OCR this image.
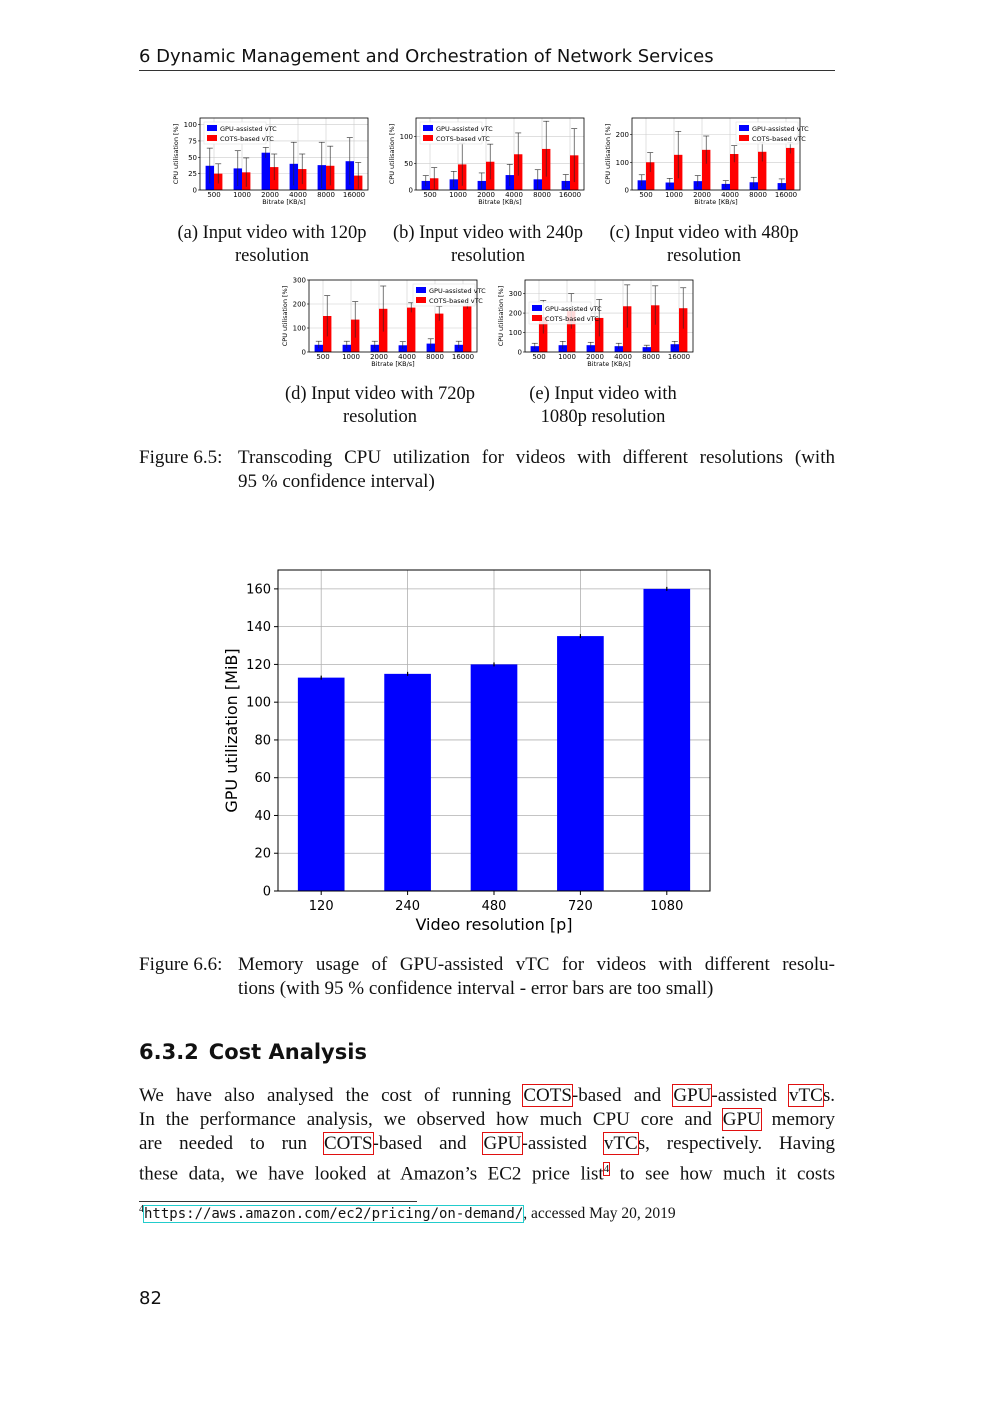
6 Dynamic Management and Orchestration of Network Services
0
25
50
75
100
500 1000 2000 4000 8000 16000
Bitrate [KB/s]
CPU utilisation [%]	GPU-assisted vTC
COTS-based vTC
0
50
100
500 1000 2000 4000 8000 16000
Bitrate [KB/s]
CPU utilisation [%]	GPU-assisted vTC
COTS-based vTC
0
100
200
500 1000 2000 4000 8000 16000
Bitrate [KB/s]
CPU utilisation [%]	GPU-assisted vTC
COTS-based vTC
0
100
200
300
500 1000 2000 4000 8000 16000
Bitrate [KB/s]
CPU utilisation [%]	GPU-assisted vTC
COTS-based vTC
0
100
200
300
500 1000 2000 4000 8000 16000
Bitrate [KB/s]
CPU utilisation [%]	GPU-assisted vTC
COTS-based vTC
(a) Input video with 120p
resolution
(b) Input video with 240p
resolution
(c) Input video with 480p
resolution
(d) Input video with 720p
resolution
(e) Input video with
1080p resolution
Figure 6.5: Transcoding CPU utilization for videos with different resolutions (with
95 % confidence interval)
0
20
40
60
80
100
120
140
160
120	240	480	720	1080
Video resolution [p]
GPU utilization [MiB]
Figure 6.6: Memory usage of GPU-assisted vTC for videos with different resolu-
tions (with 95 % confidence interval - error bars are too small)
6.3.2 Cost Analysis
We have also analysed the cost of running COTS-based and GPU-assisted vTCs.
In the performance analysis, we observed how much CPU core and GPU memory
are needed to run COTS-based and GPU-assisted vTCs, respectively. Having
these data, we have looked at Amazon’s EC2 price list$^4$ to see how much it costs
$^4$https://aws.amazon.com/ec2/pricing/on-demand/, accessed May 20, 2019
82
